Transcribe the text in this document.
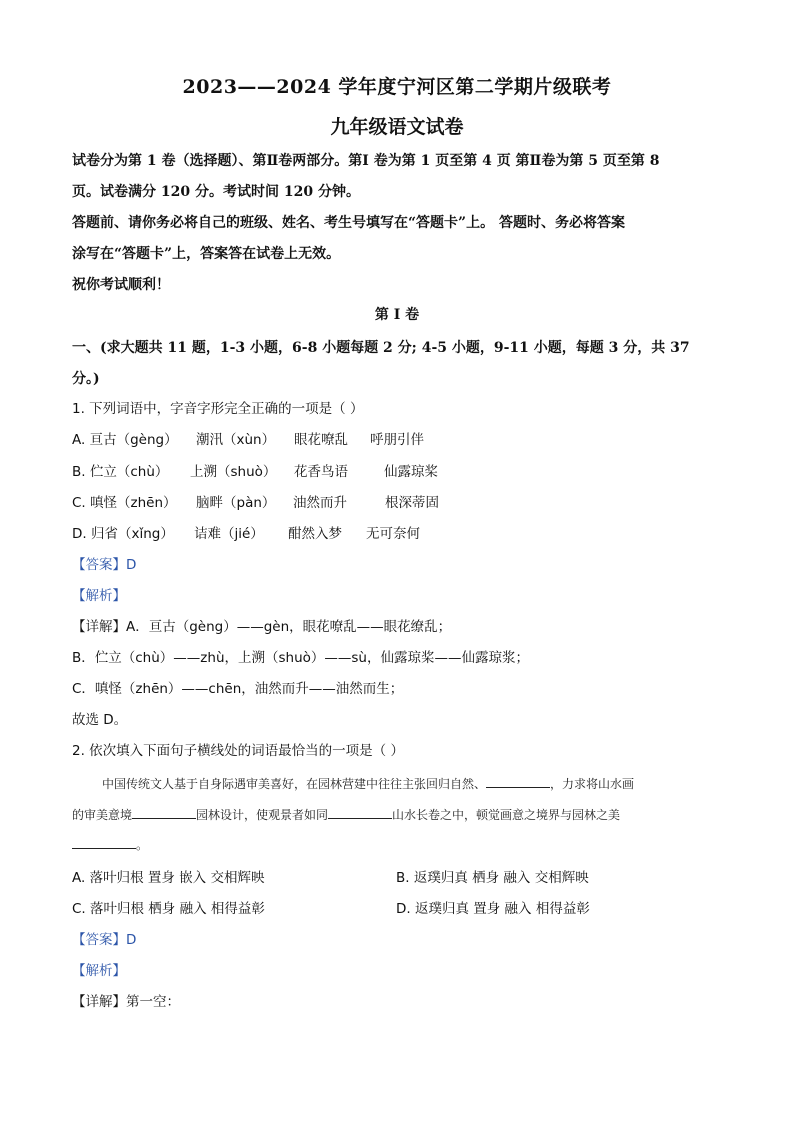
2023——2024 学年度宁河区第二学期片级联考
九年级语文试卷
试卷分为第 1 卷（选择题）、第Ⅱ卷两部分。第Ⅰ 卷为第 1 页至第 4 页 第Ⅱ卷为第 5 页至第 8
页。试卷满分 120 分。考试时间 120 分钟。
答题前、请你务必将自己的班级、姓名、考生号填写在“答题卡”上。 答题时、务必将答案
涂写在“答题卡”上，答案答在试卷上无效。
祝你考试顺利！
第 Ⅰ 卷
一、(求大题共 11 题，1-3 小题，6-8 小题每题 2 分; 4-5 小题，9-11 小题，每题 3 分，共 37
分。)
1. 下列词语中，字音字形完全正确的一项是（ ）
A. 亘古（gèng） 潮汛（xùn） 眼花嘹乱 呼朋引伴
B. 伫立（chù） 上溯（shuò） 花香鸟语	仙露琼桨
C. 嗔怪（zhēn） 脑畔（pàn） 油然而升	根深蒂固
D. 归省（xǐng） 诘难（jié） 酣然入梦 无可奈何
【答案】D
【解析】
【详解】A．亘古（gèng）——gèn，眼花嘹乱——眼花缭乱；
B．伫立（chù）——zhù，上溯（shuò）——sù，仙露琼桨——仙露琼浆；
C．嗔怪（zhēn）——chēn，油然而升——油然而生；
故选 D。
2. 依次填入下面句子横线处的词语最恰当的一项是（ ）
中国传统文人基于自身际遇审美喜好，在园林营建中往往主张回归自然、	，力求将山水画
的审美意境	园林设计，使观景者如同	山水长卷之中，顿觉画意之境界与园林之美
。
A. 落叶归根 置身 嵌入 交相辉映	B. 返璞归真 栖身 融入 交相辉映
C. 落叶归根 栖身 融入 相得益彰	D. 返璞归真 置身 融入 相得益彰
【答案】D
【解析】
【详解】第一空：
